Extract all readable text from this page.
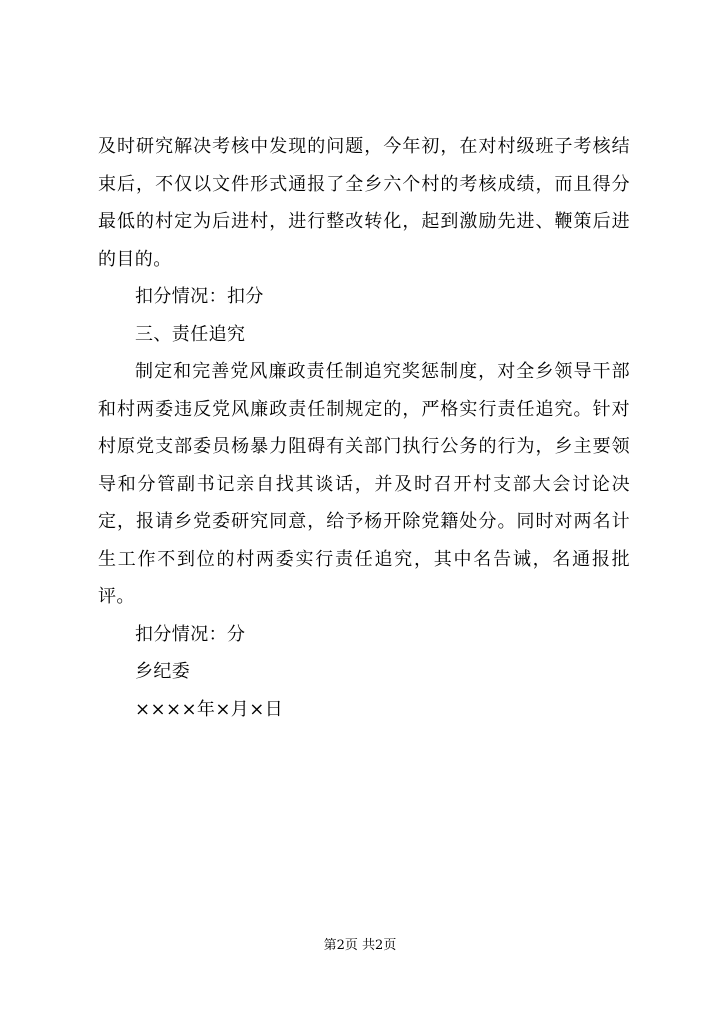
及时研究解决考核中发现的问题，今年初，在对村级班子考核结束后，不仅以文件形式通报了全乡六个村的考核成绩，而且得分最低的村定为后进村，进行整改转化，起到激励先进、鞭策后进的目的。

扣分情况：扣分

三、责任追究

制定和完善党风廉政责任制追究奖惩制度，对全乡领导干部和村两委违反党风廉政责任制规定的，严格实行责任追究。针对村原党支部委员杨暴力阻碍有关部门执行公务的行为，乡主要领导和分管副书记亲自找其谈话，并及时召开村支部大会讨论决定，报请乡党委研究同意，给予杨开除党籍处分。同时对两名计生工作不到位的村两委实行责任追究，其中名告诫，名通报批评。

扣分情况：分

乡纪委

××××年×月×日

第2页 共2页
